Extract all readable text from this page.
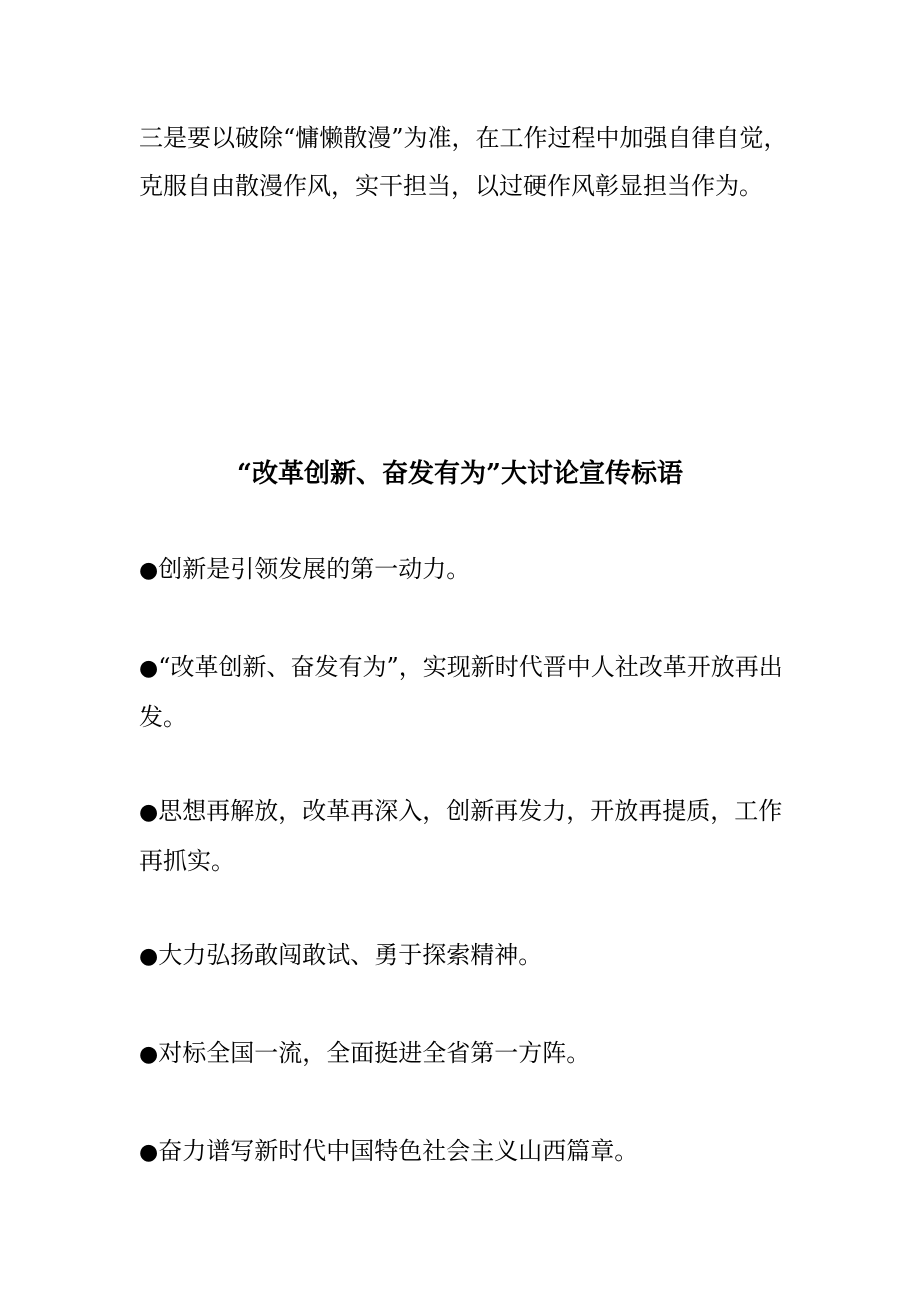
三是要以破除“慵懒散漫”为准，在工作过程中加强自律自觉，克服自由散漫作风，实干担当，以过硬作风彰显担当作为。

“改革创新、奋发有为”大讨论宣传标语
●创新是引领发展的第一动力。
●“改革创新、奋发有为”，实现新时代晋中人社改革开放再出发。
●思想再解放，改革再深入，创新再发力，开放再提质，工作再抓实。
●大力弘扬敢闯敢试、勇于探索精神。
●对标全国一流，全面挺进全省第一方阵。
●奋力谱写新时代中国特色社会主义山西篇章。
